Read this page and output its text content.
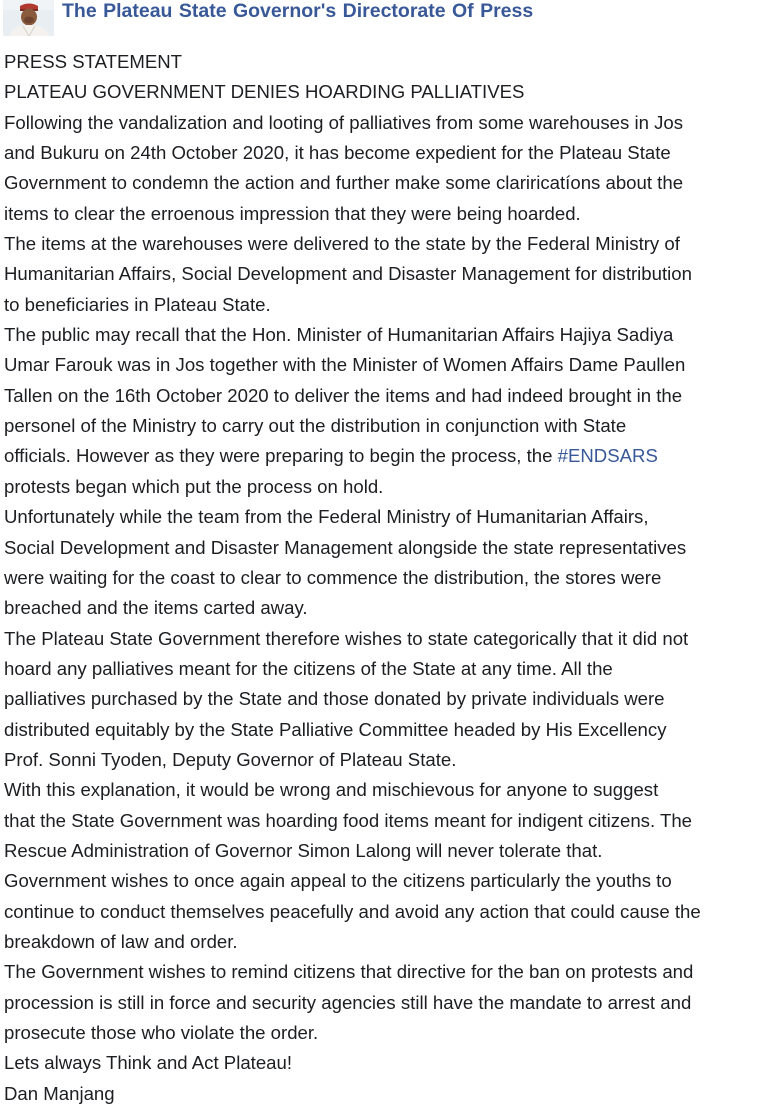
The Plateau State Governor's Directorate Of Press
PRESS STATEMENT
PLATEAU GOVERNMENT DENIES HOARDING PALLIATIVES
Following the vandalization and looting of palliatives from some warehouses in Jos
and Bukuru on 24th October 2020, it has become expedient for the Plateau State
Government to condemn the action and further make some clariricatíons about the
items to clear the erroenous impression that they were being hoarded.
The items at the warehouses were delivered to the state by the Federal Ministry of
Humanitarian Affairs, Social Development and Disaster Management for distribution
to beneficiaries in Plateau State.
The public may recall that the Hon. Minister of Humanitarian Affairs Hajiya Sadiya
Umar Farouk was in Jos together with the Minister of Women Affairs Dame Paullen
Tallen on the 16th October 2020 to deliver the items and had indeed brought in the
personel of the Ministry to carry out the distribution in conjunction with State
officials. However as they were preparing to begin the process, the #ENDSARS
protests began which put the process on hold.
Unfortunately while the team from the Federal Ministry of Humanitarian Affairs,
Social Development and Disaster Management alongside the state representatives
were waiting for the coast to clear to commence the distribution, the stores were
breached and the items carted away.
The Plateau State Government therefore wishes to state categorically that it did not
hoard any palliatives meant for the citizens of the State at any time. All the
palliatives purchased by the State and those donated by private individuals were
distributed equitably by the State Palliative Committee headed by His Excellency
Prof. Sonni Tyoden, Deputy Governor of Plateau State.
With this explanation, it would be wrong and mischievous for anyone to suggest
that the State Government was hoarding food items meant for indigent citizens. The
Rescue Administration of Governor Simon Lalong will never tolerate that.
Government wishes to once again appeal to the citizens particularly the youths to
continue to conduct themselves peacefully and avoid any action that could cause the
breakdown of law and order.
The Government wishes to remind citizens that directive for the ban on protests and
procession is still in force and security agencies still have the mandate to arrest and
prosecute those who violate the order.
Lets always Think and Act Plateau!
Dan Manjang
